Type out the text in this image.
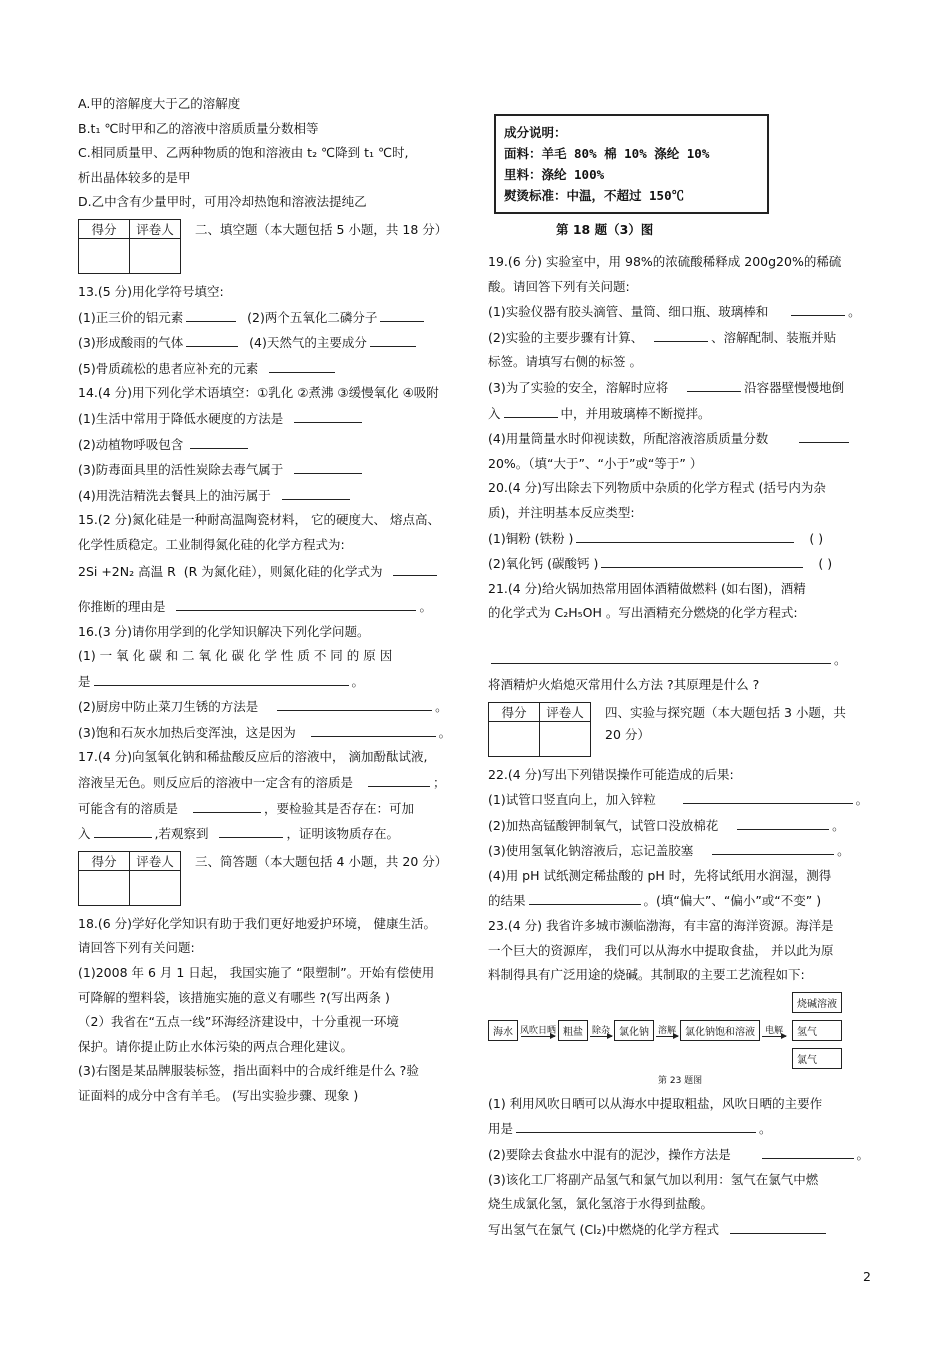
A.甲的溶解度大于乙的溶解度
B.t₁ ℃时甲和乙的溶液中溶质质量分数相等
C.相同质量甲、乙两种物质的饱和溶液由 t₂ ℃降到 t₁ ℃时,
析出晶体较多的是甲
D.乙中含有少量甲时，可用冷却热饱和溶液法提纯乙
得分	评卷人
	二、填空题（本大题包括 5 小题，共 18 分）
13.(5 分)用化学符号填空:
(1)正三价的铝元素	(2)两个五氧化二磷分子
(3)形成酸雨的气体	(4)天然气的主要成分
(5)骨质疏松的患者应补充的元素
14.(4 分)用下列化学术语填空：①乳化 ②煮沸 ③缓慢氧化 ④吸附
(1)生活中常用于降低水硬度的方法是
(2)动植物呼吸包含
(3)防毒面具里的活性炭除去毒气属于
(4)用洗洁精洗去餐具上的油污属于
15.(2 分)氮化硅是一种耐高温陶瓷材料， 它的硬度大、 熔点高、
化学性质稳定。工业制得氮化硅的化学方程式为:
2Si +2N₂ 高温 R (R 为氮化硅），则氮化硅的化学式为
你推断的理由是	。
16.(3 分)请你用学到的化学知识解决下列化学问题。
(1) 一 氧 化 碳 和 二 氧 化 碳 化 学 性 质 不 同 的 原 因
是	。
(2)厨房中防止菜刀生锈的方法是	。
(3)饱和石灰水加热后变浑浊，这是因为	。
17.(4 分)向氢氧化钠和稀盐酸反应后的溶液中， 滴加酚酞试液,
溶液呈无色。则反应后的溶液中一定含有的溶质是	；
可能含有的溶质是	，要检验其是否存在：可加
入	,若观察到	，证明该物质存在。
得分	评卷人
	三、简答题（本大题包括 4 小题，共 20 分）
18.(6 分)学好化学知识有助于我们更好地爱护环境， 健康生活。
请回答下列有关问题:
(1)2008 年 6 月 1 日起， 我国实施了 “限塑制”。开始有偿使用
可降解的塑料袋，该措施实施的意义有哪些 ?(写出两条 )
（2）我省在“五点一线”环海经济建设中，十分重视一环境
保护。请你提止防止水体污染的两点合理化建议。
(3)右图是某品牌服装标签，指出面料中的合成纤维是什么 ?验
证面料的成分中含有羊毛。 (写出实验步骤、现象 )
成分说明：
面料：羊毛 80% 棉 10% 涤纶 10%
里料：涤纶 100%
熨烫标准：中温，不超过 150℃
第 18 题（3）图
19.(6 分) 实验室中，用 98%的浓硫酸稀释成 200g20%的稀硫
酸。请回答下列有关问题:
(1)实验仪器有胶头滴管、量筒、细口瓶、玻璃棒和	。
(2)实验的主要步骤有计算、	、溶解配制、装瓶并贴
标签。请填写右侧的标签 。
(3)为了实验的安全，溶解时应将	沿容器壁慢慢地倒
入	中，并用玻璃棒不断搅拌。
(4)用量筒量水时仰视读数，所配溶液溶质质量分数
20%。（填“大于”、“小于”或“等于” ）
20.(4 分)写出除去下列物质中杂质的化学方程式 (括号内为杂
质)，并注明基本反应类型:
(1)铜粉 (铁粉 )	( )
(2)氧化钙 (碳酸钙 )	( )
21.(4 分)给火锅加热常用固体酒精做燃料 (如右图)，酒精
的化学式为 C₂H₅OH 。写出酒精充分燃烧的化学方程式:
。
将酒精炉火焰熄灭常用什么方法 ?其原理是什么 ?
得分	评卷人
	四、实验与探究题（本大题包括 3 小题，共 20 分）
22.(4 分)写出下列错误操作可能造成的后果:
(1)试管口竖直向上，加入锌粒	。
(2)加热高锰酸钾制氧气，试管口没放棉花	。
(3)使用氢氧化钠溶液后，忘记盖胶塞	。
(4)用 pH 试纸测定稀盐酸的 pH 时，先将试纸用水润湿，测得
的结果	。(填“偏大”、“偏小”或“不变” )
23.(4 分) 我省许多城市濒临渤海，有丰富的海洋资源。海洋是
一个巨大的资源库， 我们可以从海水中提取食盐， 并以此为原
料制得具有广泛用途的烧碱。其制取的主要工艺流程如下:
海水 风吹日晒 粗盐 除杂 氯化钠 溶解 氯化钠饱和溶液	电解
烧碱溶液
氢气
氯气
第 23 题图
(1) 利用风吹日晒可以从海水中提取粗盐，风吹日晒的主要作
用是	。
(2)要除去食盐水中混有的泥沙，操作方法是	。
(3)该化工厂将副产品氢气和氯气加以利用：氢气在氯气中燃
烧生成氯化氢，氯化氢溶于水得到盐酸。
写出氢气在氯气 (Cl₂)中燃烧的化学方程式
2
